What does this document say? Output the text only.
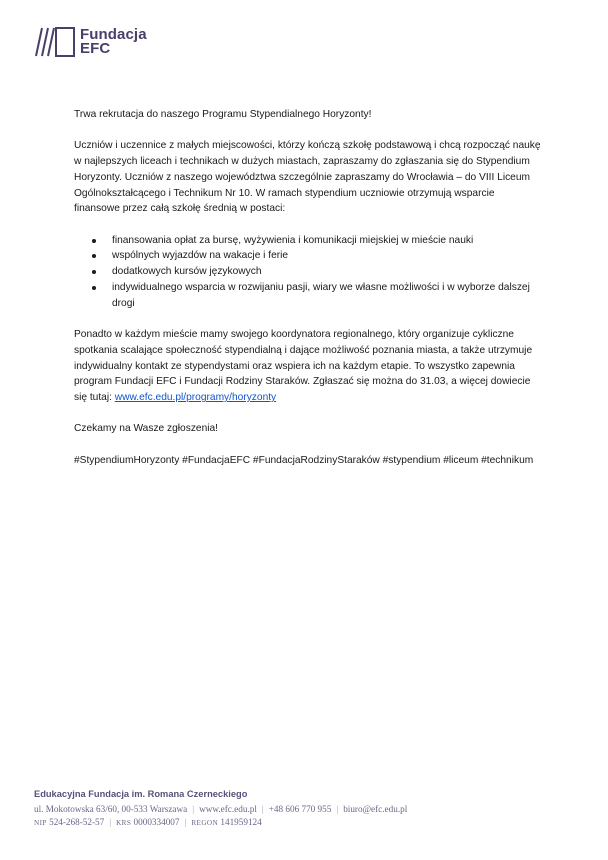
Fundacja
EFC

Trwa rekrutacja do naszego Programu Stypendialnego Horyzonty!

Uczniów i uczennice z małych miejscowości, którzy kończą szkołę podstawową i chcą rozpocząć naukę w najlepszych liceach i technikach w dużych miastach, zapraszamy do zgłaszania się do Stypendium Horyzonty. Uczniów z naszego województwa szczególnie zapraszamy do Wrocławia – do VIII Liceum Ogólnokształcącego i Technikum Nr 10. W ramach stypendium uczniowie otrzymują wsparcie finansowe przez całą szkołę średnią w postaci:

finansowania opłat za bursę, wyżywienia i komunikacji miejskiej w mieście nauki
wspólnych wyjazdów na wakacje i ferie
dodatkowych kursów językowych
indywidualnego wsparcia w rozwijaniu pasji, wiary we własne możliwości i w wyborze dalszej drogi

Ponadto w każdym mieście mamy swojego koordynatora regionalnego, który organizuje cykliczne spotkania scalające społeczność stypendialną i dające możliwość poznania miasta, a także utrzymuje indywidualny kontakt ze stypendystami oraz wspiera ich na każdym etapie. To wszystko zapewnia program Fundacji EFC i Fundacji Rodziny Staraków. Zgłaszać się można do 31.03, a więcej dowiecie się tutaj: www.efc.edu.pl/programy/horyzonty

Czekamy na Wasze zgłoszenia!

#StypendiumHoryzonty #FundacjaEFC #FundacjaRodzinyStaraków #stypendium #liceum #technikum

Edukacyjna Fundacja im. Romana Czerneckiego
ul. Mokotowska 63/60, 00-533 Warszawa | www.efc.edu.pl | +48 606 770 955 | biuro@efc.edu.pl
NIP 524-268-52-57 | KRS 0000334007 | REGON 141959124
